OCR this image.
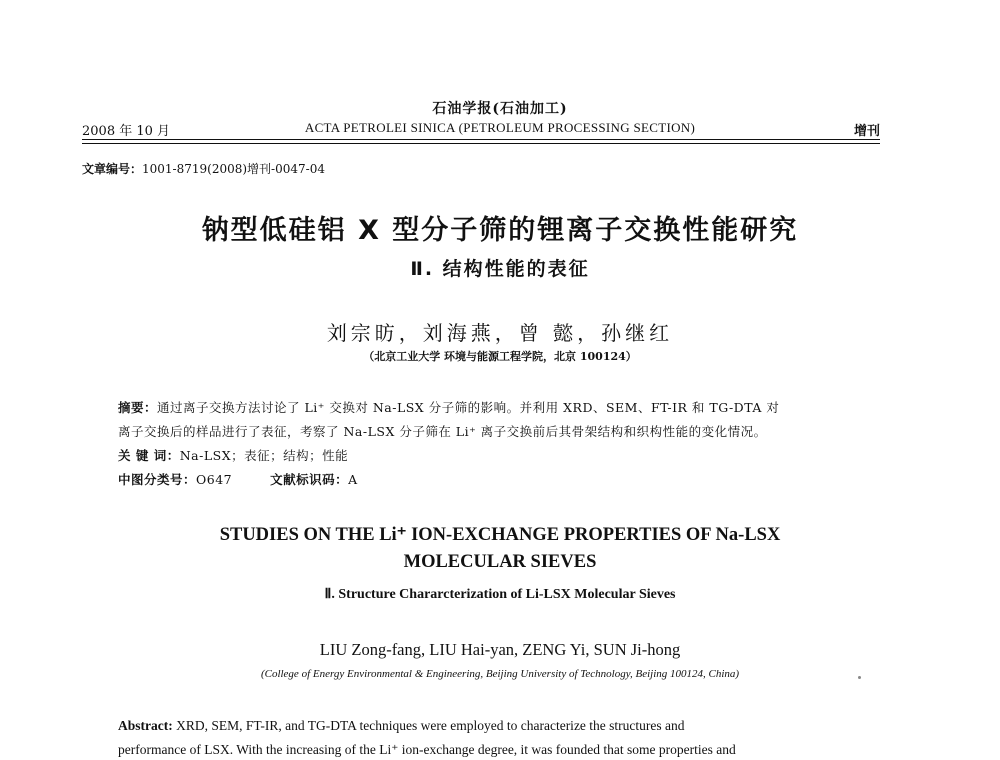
石油学报(石油加工)
2008 年 10 月	ACTA PETROLEI SINICA (PETROLEUM PROCESSING SECTION)	增刊
文章编号：1001-8719(2008)增刊-0047-04
钠型低硅铝 X 型分子筛的锂离子交换性能研究
Ⅱ. 结构性能的表征
刘宗昉，刘海燕，曾 懿，孙继红
（北京工业大学 环境与能源工程学院，北京 100124）
摘要：通过离子交换方法讨论了 Li⁺ 交换对 Na-LSX 分子筛的影响。并利用 XRD、SEM、FT-IR 和 TG-DTA 对
离子交换后的样品进行了表征，考察了 Na-LSX 分子筛在 Li⁺ 离子交换前后其骨架结构和织构性能的变化情况。
关 键 词：Na-LSX；表征；结构；性能
中图分类号：O647	文献标识码：A
STUDIES ON THE Li⁺ ION-EXCHANGE PROPERTIES OF Na-LSX
MOLECULAR SIEVES
Ⅱ. Structure Chararcterization of Li-LSX Molecular Sieves
LIU Zong-fang, LIU Hai-yan, ZENG Yi, SUN Ji-hong
(College of Energy Environmental & Engineering, Beijing University of Technology, Beijing 100124, China)
Abstract: XRD, SEM, FT-IR, and TG-DTA techniques were employed to characterize the structures and
performance of LSX. With the increasing of the Li⁺ ion-exchange degree, it was founded that some properties and
